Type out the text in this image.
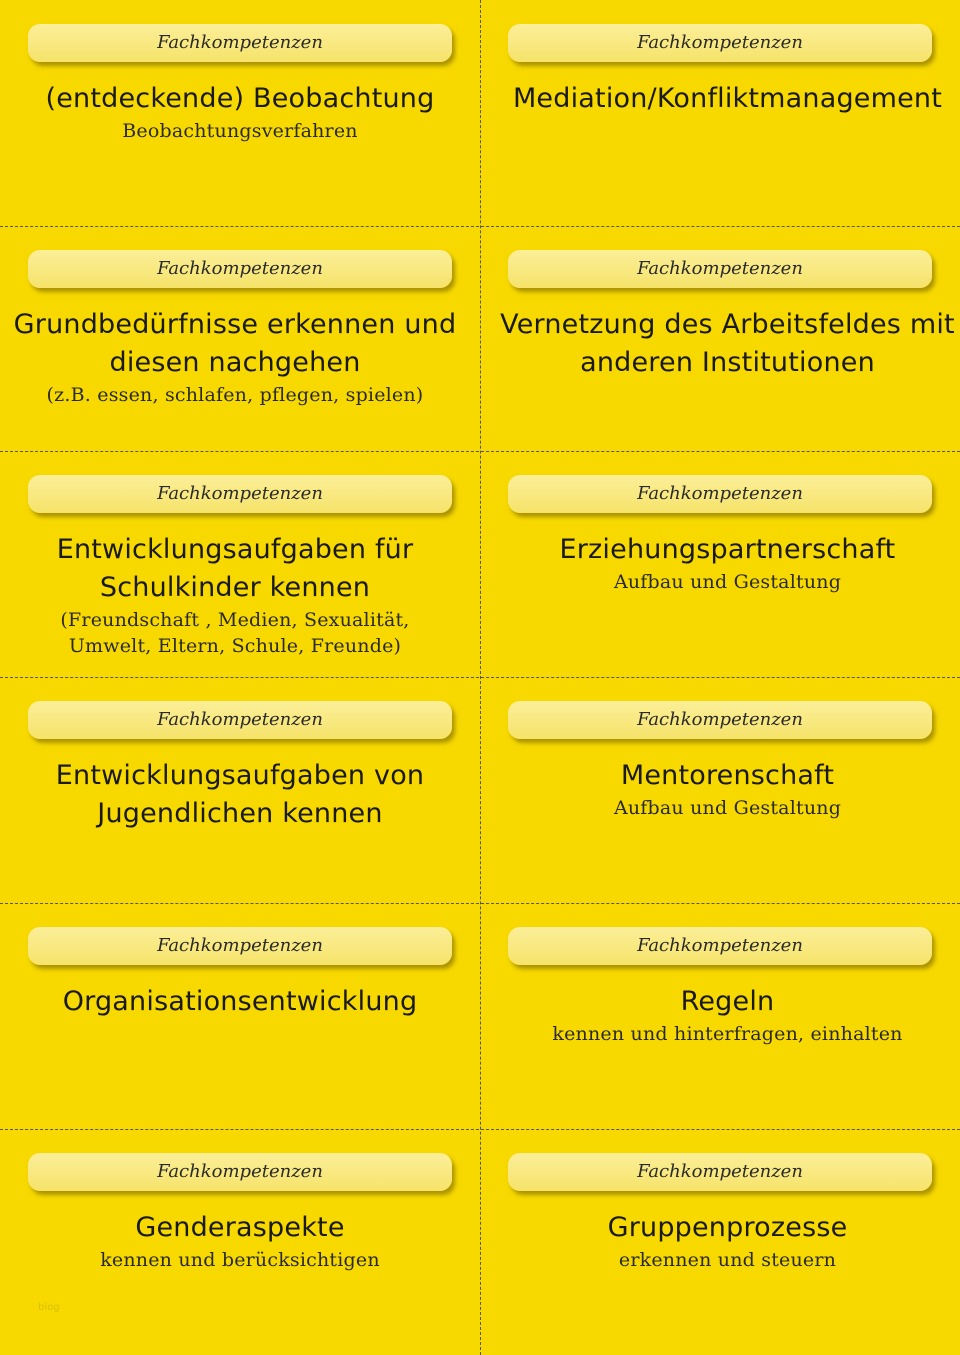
Fachkompetenzen
(entdeckende) Beobachtung
Beobachtungsverfahren
Fachkompetenzen
Mediation/Konfliktmanagement
Fachkompetenzen
Grundbedürfnisse erkennen und diesen nachgehen
(z.B. essen, schlafen, pflegen, spielen)
Fachkompetenzen
Vernetzung des Arbeitsfeldes mit anderen Institutionen
Fachkompetenzen
Entwicklungsaufgaben für Schulkinder kennen
(Freundschaft , Medien, Sexualität, Umwelt, Eltern, Schule, Freunde)
Fachkompetenzen
Erziehungspartnerschaft
Aufbau und Gestaltung
Fachkompetenzen
Entwicklungsaufgaben von Jugendlichen kennen
Fachkompetenzen
Mentorenschaft
Aufbau und Gestaltung
Fachkompetenzen
Organisationsentwicklung
Fachkompetenzen
Regeln
kennen und hinterfragen, einhalten
Fachkompetenzen
Genderaspekte
kennen und berücksichtigen
Fachkompetenzen
Gruppenprozesse
erkennen und steuern
blog
